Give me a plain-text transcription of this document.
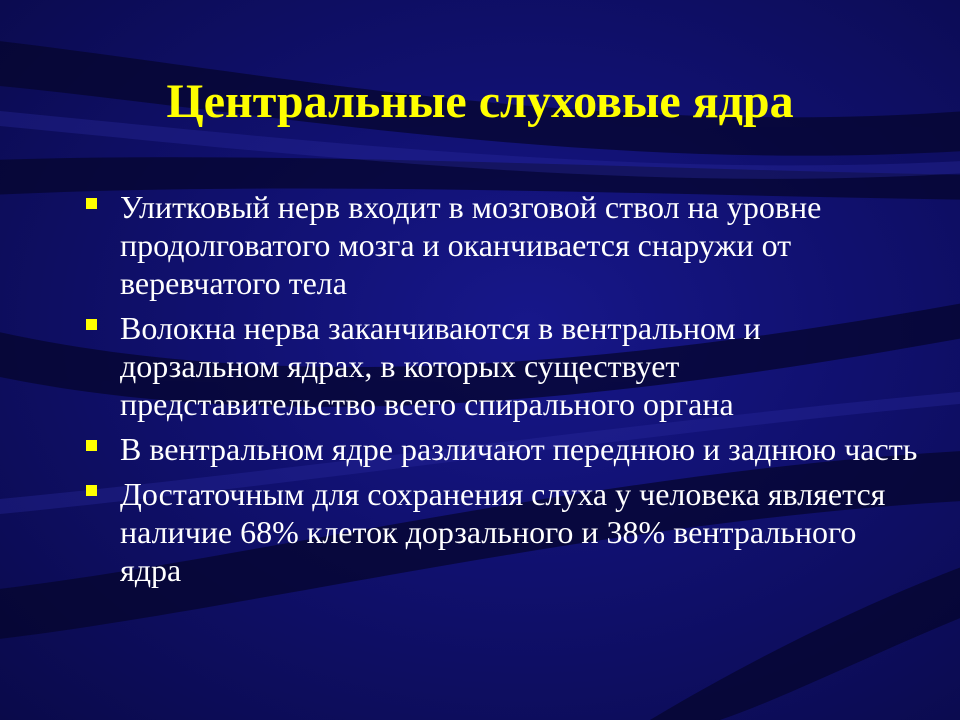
Центральные слуховые ядра
Улитковый нерв входит в мозговой ствол на уровне продолговатого мозга и оканчивается снаружи от веревчатого тела
Волокна нерва заканчиваются в вентральном и дорзальном ядрах, в которых существует представительство всего спирального органа
В вентральном ядре различают переднюю и заднюю часть
Достаточным для сохранения слуха у человека является наличие 68% клеток дорзального и 38% вентрального ядра
